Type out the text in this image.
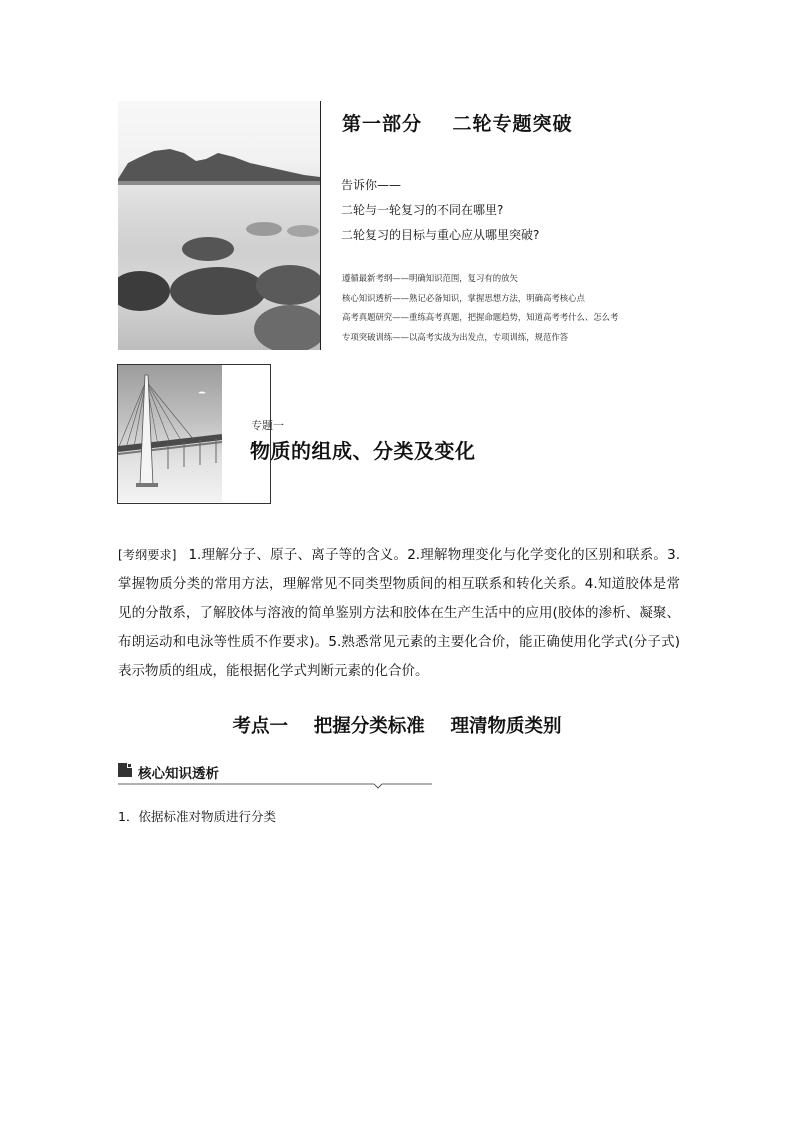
第一部分    二轮专题突破
告诉你——
二轮与一轮复习的不同在哪里?
二轮复习的目标与重心应从哪里突破?
遵循最新考纲——明确知识范围，复习有的放矢
核心知识透析——熟记必备知识，掌握思想方法，明确高考核心点
高考真题研究——重练高考真题，把握命题趋势，知道高考考什么、怎么考
专项突破训练——以高考实战为出发点，专项训练，规范作答
专题一
物质的组成、分类及变化
[考纲要求] 1.理解分子、原子、离子等的含义。2.理解物理变化与化学变化的区别和联系。3.掌握物质分类的常用方法，理解常见不同类型物质间的相互联系和转化关系。4.知道胶体是常见的分散系，了解胶体与溶液的简单鉴别方法和胶体在生产生活中的应用(胶体的渗析、凝聚、布朗运动和电泳等性质不作要求)。5.熟悉常见元素的主要化合价，能正确使用化学式(分子式)表示物质的组成，能根据化学式判断元素的化合价。
考点一    把握分类标准    理清物质类别
核心知识透析
1．依据标准对物质进行分类
